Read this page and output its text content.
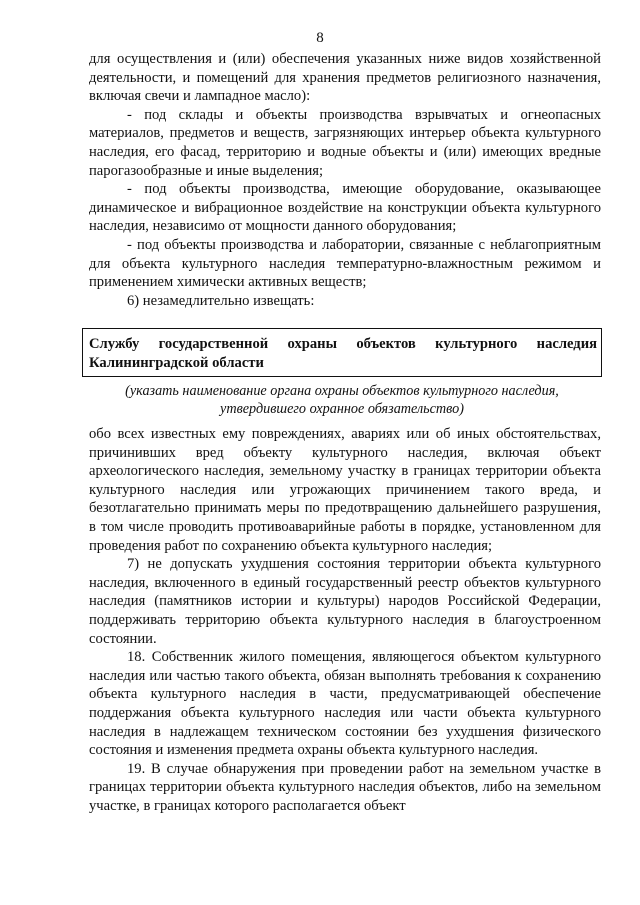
8

для осуществления и (или) обеспечения указанных ниже видов хозяйственной деятельности, и помещений для хранения предметов религиозного назначения, включая свечи и лампадное масло):

- под склады и объекты производства взрывчатых и огнеопасных материалов, предметов и веществ, загрязняющих интерьер объекта культурного наследия, его фасад, территорию и водные объекты и (или) имеющих вредные парогазообразные и иные выделения;

- под объекты производства, имеющие оборудование, оказывающее динамическое и вибрационное воздействие на конструкции объекта культурного наследия, независимо от мощности данного оборудования;

- под объекты производства и лаборатории, связанные с неблагоприятным для объекта культурного наследия температурно-влажностным режимом и применением химически активных веществ;

6) незамедлительно извещать:

Службу государственной охраны объектов культурного наследия Калининградской области
(указать наименование органа охраны объектов культурного наследия, утвердившего охранное обязательство)

обо всех известных ему повреждениях, авариях или об иных обстоятельствах, причинивших вред объекту культурного наследия, включая объект археологического наследия, земельному участку в границах территории объекта культурного наследия или угрожающих причинением такого вреда, и безотлагательно принимать меры по предотвращению дальнейшего разрушения, в том числе проводить противоаварийные работы в порядке, установленном для проведения работ по сохранению объекта культурного наследия;

7) не допускать ухудшения состояния территории объекта культурного наследия, включенного в единый государственный реестр объектов культурного наследия (памятников истории и культуры) народов Российской Федерации, поддерживать территорию объекта культурного наследия в благоустроенном состоянии.

18. Собственник жилого помещения, являющегося объектом культурного наследия или частью такого объекта, обязан выполнять требования к сохранению объекта культурного наследия в части, предусматривающей обеспечение поддержания объекта культурного наследия или части объекта культурного наследия в надлежащем техническом состоянии без ухудшения физического состояния и изменения предмета охраны объекта культурного наследия.

19. В случае обнаружения при проведении работ на земельном участке в границах территории объекта культурного наследия объектов, либо на земельном участке, в границах которого располагается объект
